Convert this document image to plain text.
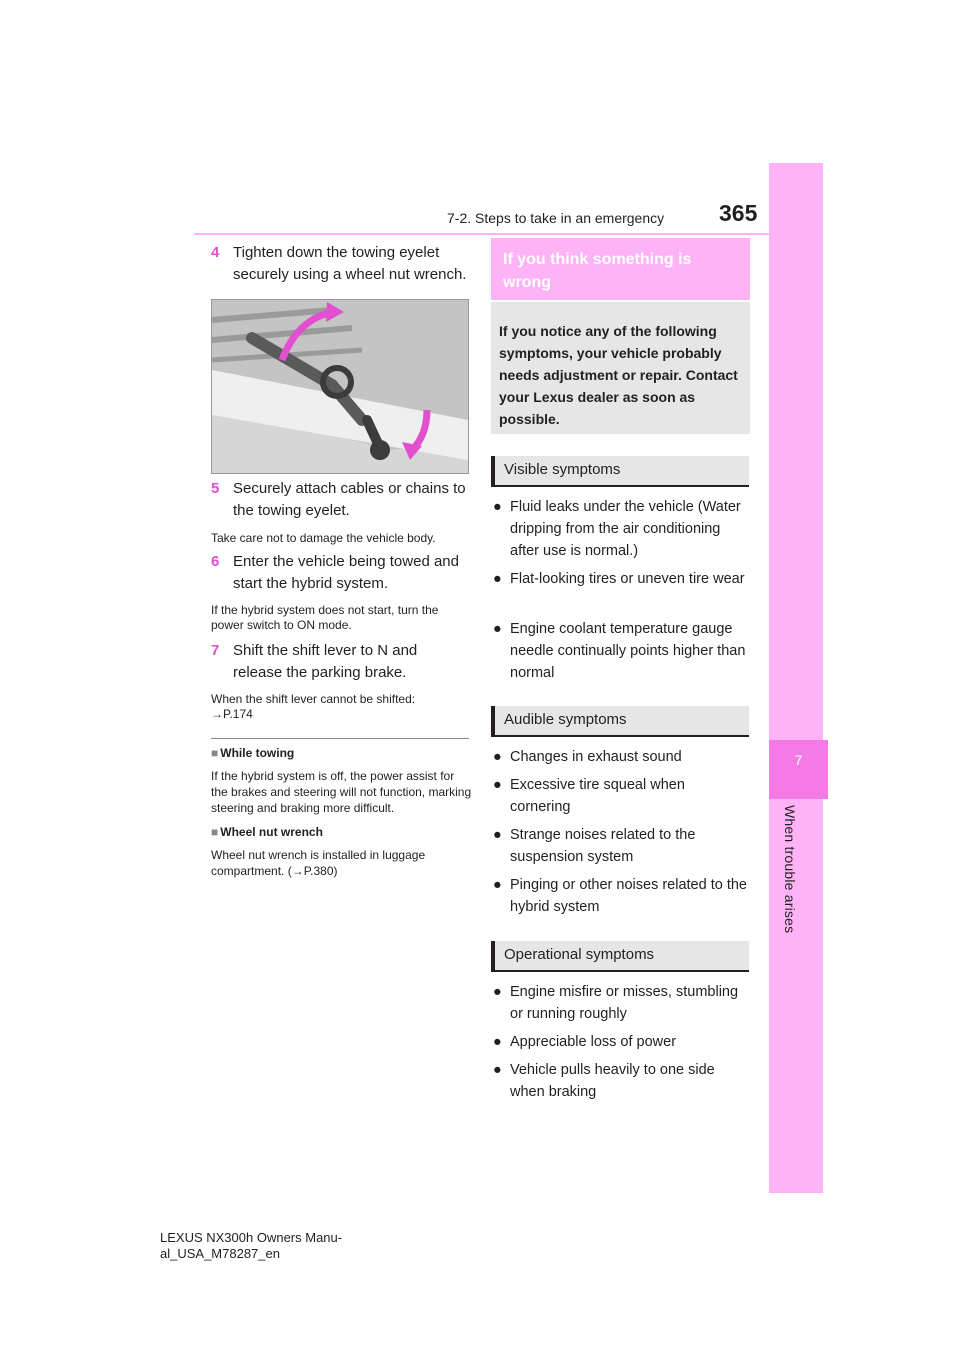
7
When trouble arises
7-2. Steps to take in an emergency 365
4 Tighten down the towing eyelet securely using a wheel nut wrench.
5 Securely attach cables or chains to the towing eyelet.
Take care not to damage the vehicle body.
6 Enter the vehicle being towed and start the hybrid system.
If the hybrid system does not start, turn the power switch to ON mode.
7 Shift the shift lever to N and release the parking brake.
When the shift lever cannot be shifted:
→P.174
■ While towing
If the hybrid system is off, the power assist for the brakes and steering will not function, marking steering and braking more difficult.
■ Wheel nut wrench
Wheel nut wrench is installed in luggage compartment. (→P.380)
If you think something is
wrong
If you notice any of the following symptoms, your vehicle probably needs adjustment or repair. Contact your Lexus dealer as soon as possible.
Visible symptoms
● Fluid leaks under the vehicle (Water dripping from the air conditioning after use is normal.)
● Flat-looking tires or uneven tire wear
● Engine coolant temperature gauge needle continually points higher than normal
Audible symptoms
● Changes in exhaust sound
● Excessive tire squeal when cornering
● Strange noises related to the suspension system
● Pinging or other noises related to the hybrid system
Operational symptoms
● Engine misfire or misses, stumbling or running roughly
● Appreciable loss of power
● Vehicle pulls heavily to one side when braking
LEXUS NX300h Owners Manu-
al_USA_M78287_en
